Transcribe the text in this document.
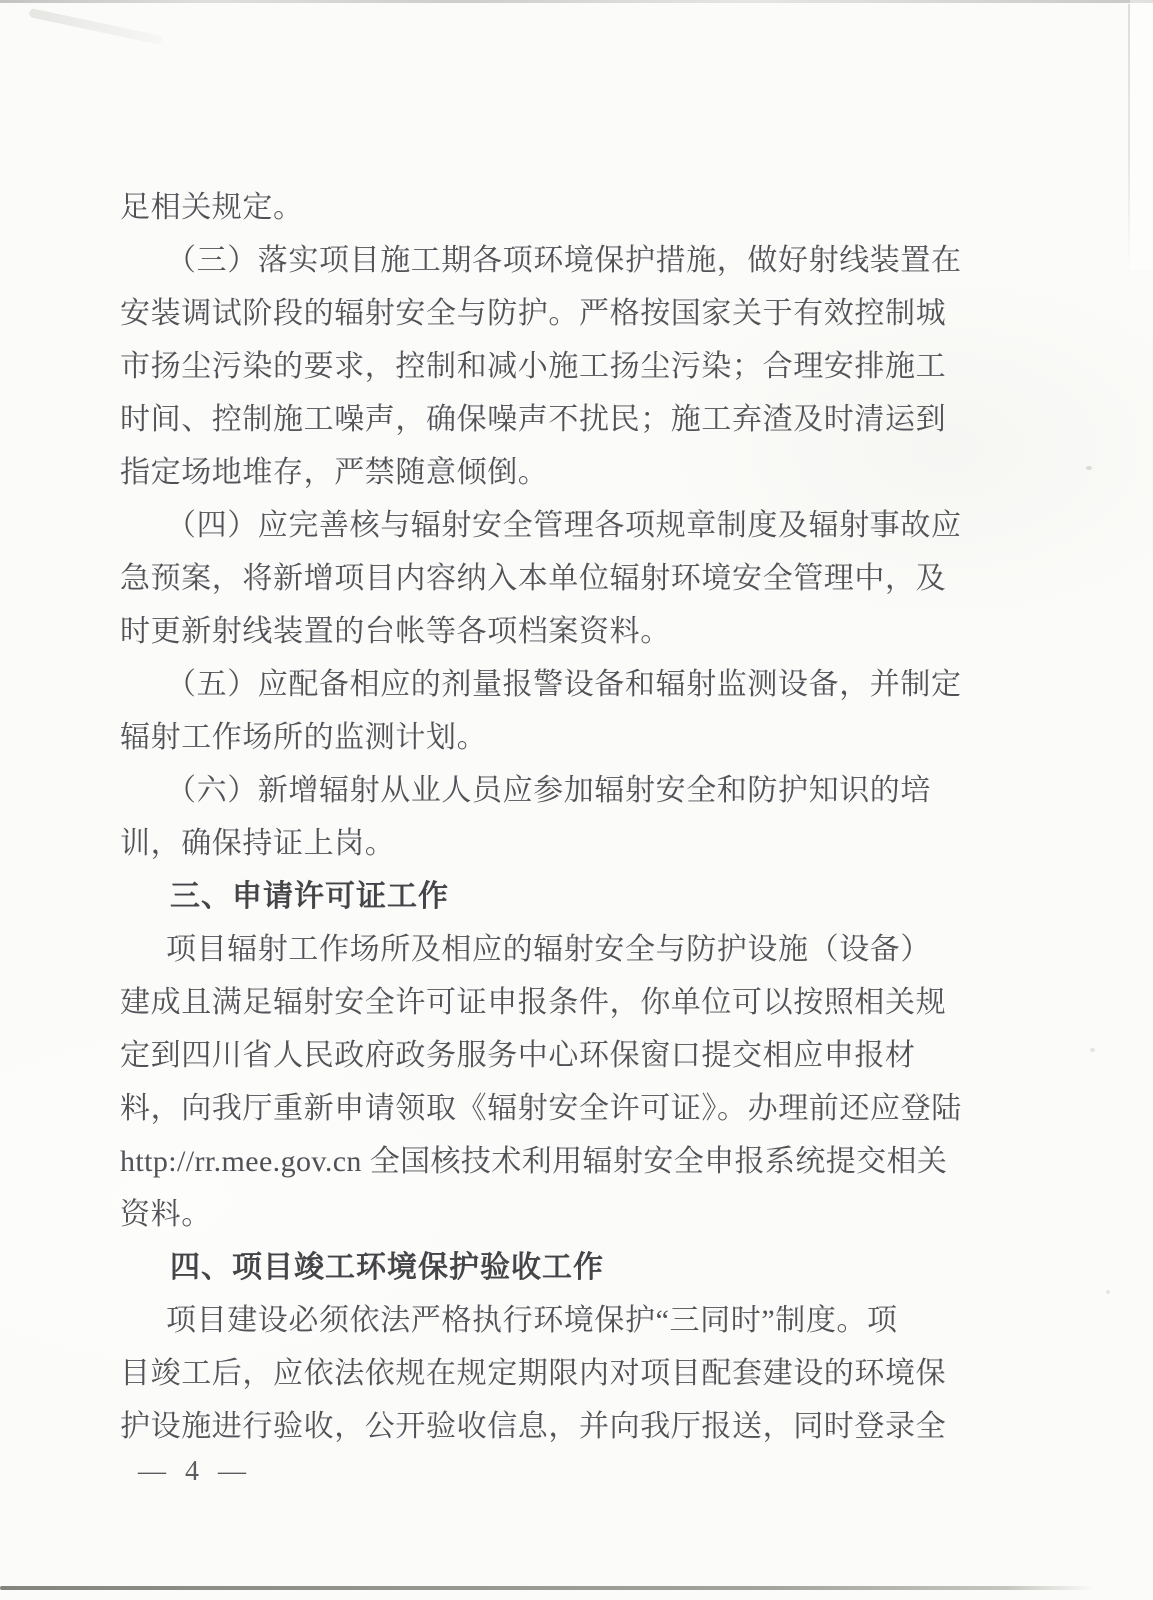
足相关规定。
（三）落实项目施工期各项环境保护措施，做好射线装置在
安装调试阶段的辐射安全与防护。严格按国家关于有效控制城
市扬尘污染的要求，控制和减小施工扬尘污染；合理安排施工
时间、控制施工噪声，确保噪声不扰民；施工弃渣及时清运到
指定场地堆存，严禁随意倾倒。
（四）应完善核与辐射安全管理各项规章制度及辐射事故应
急预案，将新增项目内容纳入本单位辐射环境安全管理中，及
时更新射线装置的台帐等各项档案资料。
（五）应配备相应的剂量报警设备和辐射监测设备，并制定
辐射工作场所的监测计划。
（六）新增辐射从业人员应参加辐射安全和防护知识的培
训，确保持证上岗。
三、申请许可证工作
项目辐射工作场所及相应的辐射安全与防护设施（设备）
建成且满足辐射安全许可证申报条件，你单位可以按照相关规
定到四川省人民政府政务服务中心环保窗口提交相应申报材
料，向我厅重新申请领取《辐射安全许可证》。办理前还应登陆
http://rr.mee.gov.cn 全国核技术利用辐射安全申报系统提交相关
资料。
四、项目竣工环境保护验收工作
项目建设必须依法严格执行环境保护“三同时”制度。项
目竣工后，应依法依规在规定期限内对项目配套建设的环境保
护设施进行验收，公开验收信息，并向我厅报送，同时登录全
— 4 —
